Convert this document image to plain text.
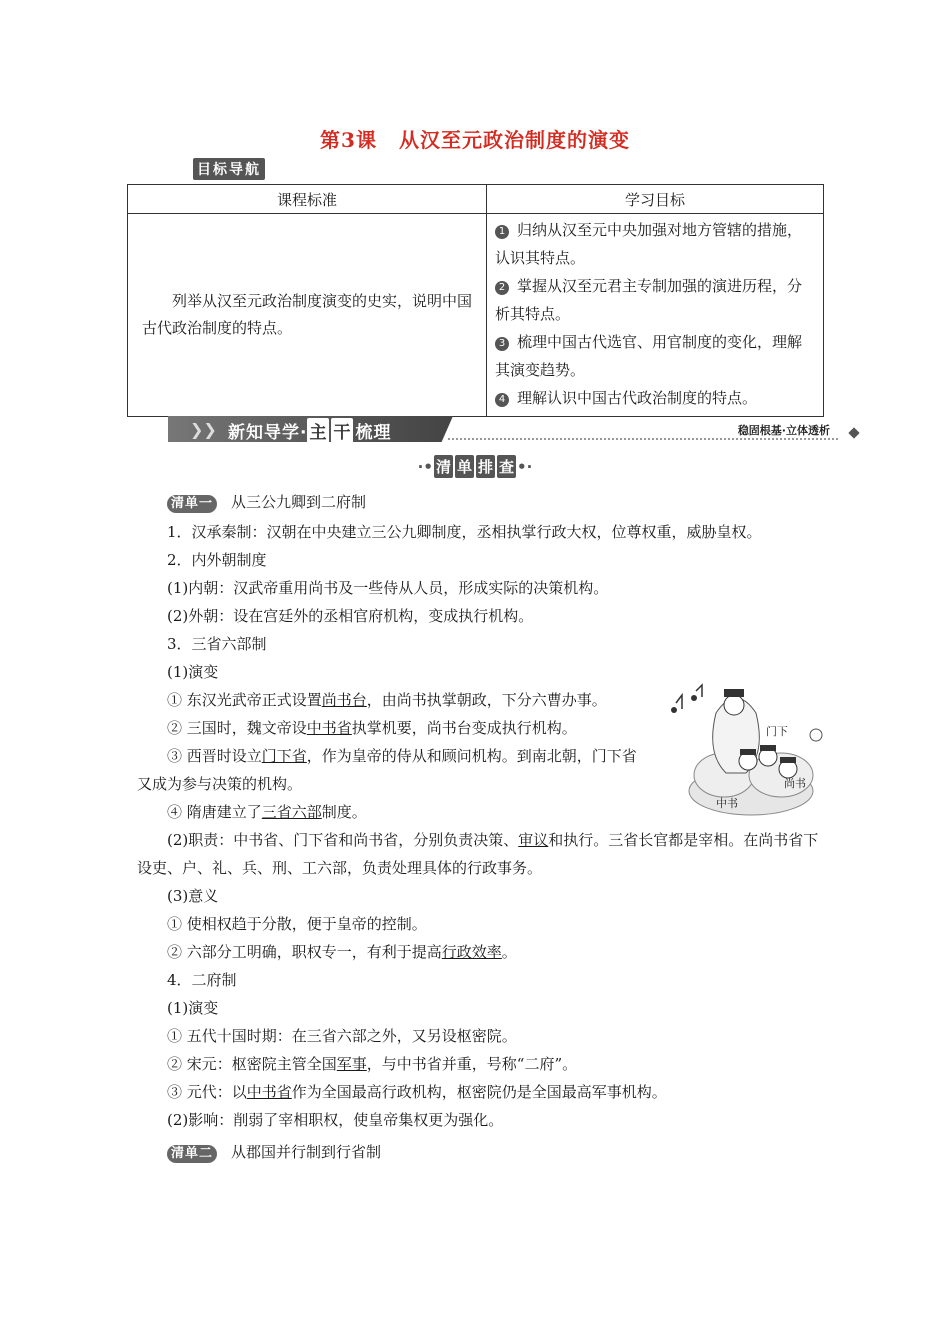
第3课 从汉至元政治制度的演变
目标导航
课程标准	学习目标
列举从汉至元政治制度演变的史实，说明中国古代政治制度的特点。	1 归纳从汉至元中央加强对地方管辖的措施，认识其特点。

2 掌握从汉至元君主专制加强的演进历程，分析其特点。

3 梳理中国古代选官、用官制度的变化，理解其演变趋势。

4 理解认识中国古代政治制度的特点。

❯❯ 新知导学· 主 干 梳理	稳固根基·立体透析
·• 清 单 排 查 •·
门下
尚书
中书

清单一 从三公九卿到二府制

1．汉承秦制：汉朝在中央建立三公九卿制度，丞相执掌行政大权，位尊权重，威胁皇权。

2．内外朝制度

(1)内朝：汉武帝重用尚书及一些侍从人员，形成实际的决策机构。

(2)外朝：设在宫廷外的丞相官府机构，变成执行机构。

3．三省六部制

(1)演变

① 东汉光武帝正式设置尚书台，由尚书执掌朝政，下分六曹办事。

② 三国时，魏文帝设中书省执掌机要，尚书台变成执行机构。

③ 西晋时设立门下省，作为皇帝的侍从和顾问机构。到南北朝，门下省又成为参与决策的机构。

④ 隋唐建立了三省六部制度。

(2)职责：中书省、门下省和尚书省，分别负责决策、审议和执行。三省长官都是宰相。在尚书省下设吏、户、礼、兵、刑、工六部，负责处理具体的行政事务。

(3)意义

① 使相权趋于分散，便于皇帝的控制。

② 六部分工明确，职权专一，有利于提高行政效率。

4．二府制

(1)演变

① 五代十国时期：在三省六部之外，又另设枢密院。

② 宋元：枢密院主管全国军事，与中书省并重，号称“二府”。

③ 元代：以中书省作为全国最高行政机构，枢密院仍是全国最高军事机构。

(2)影响：削弱了宰相职权，使皇帝集权更为强化。

清单二 从郡国并行制到行省制
